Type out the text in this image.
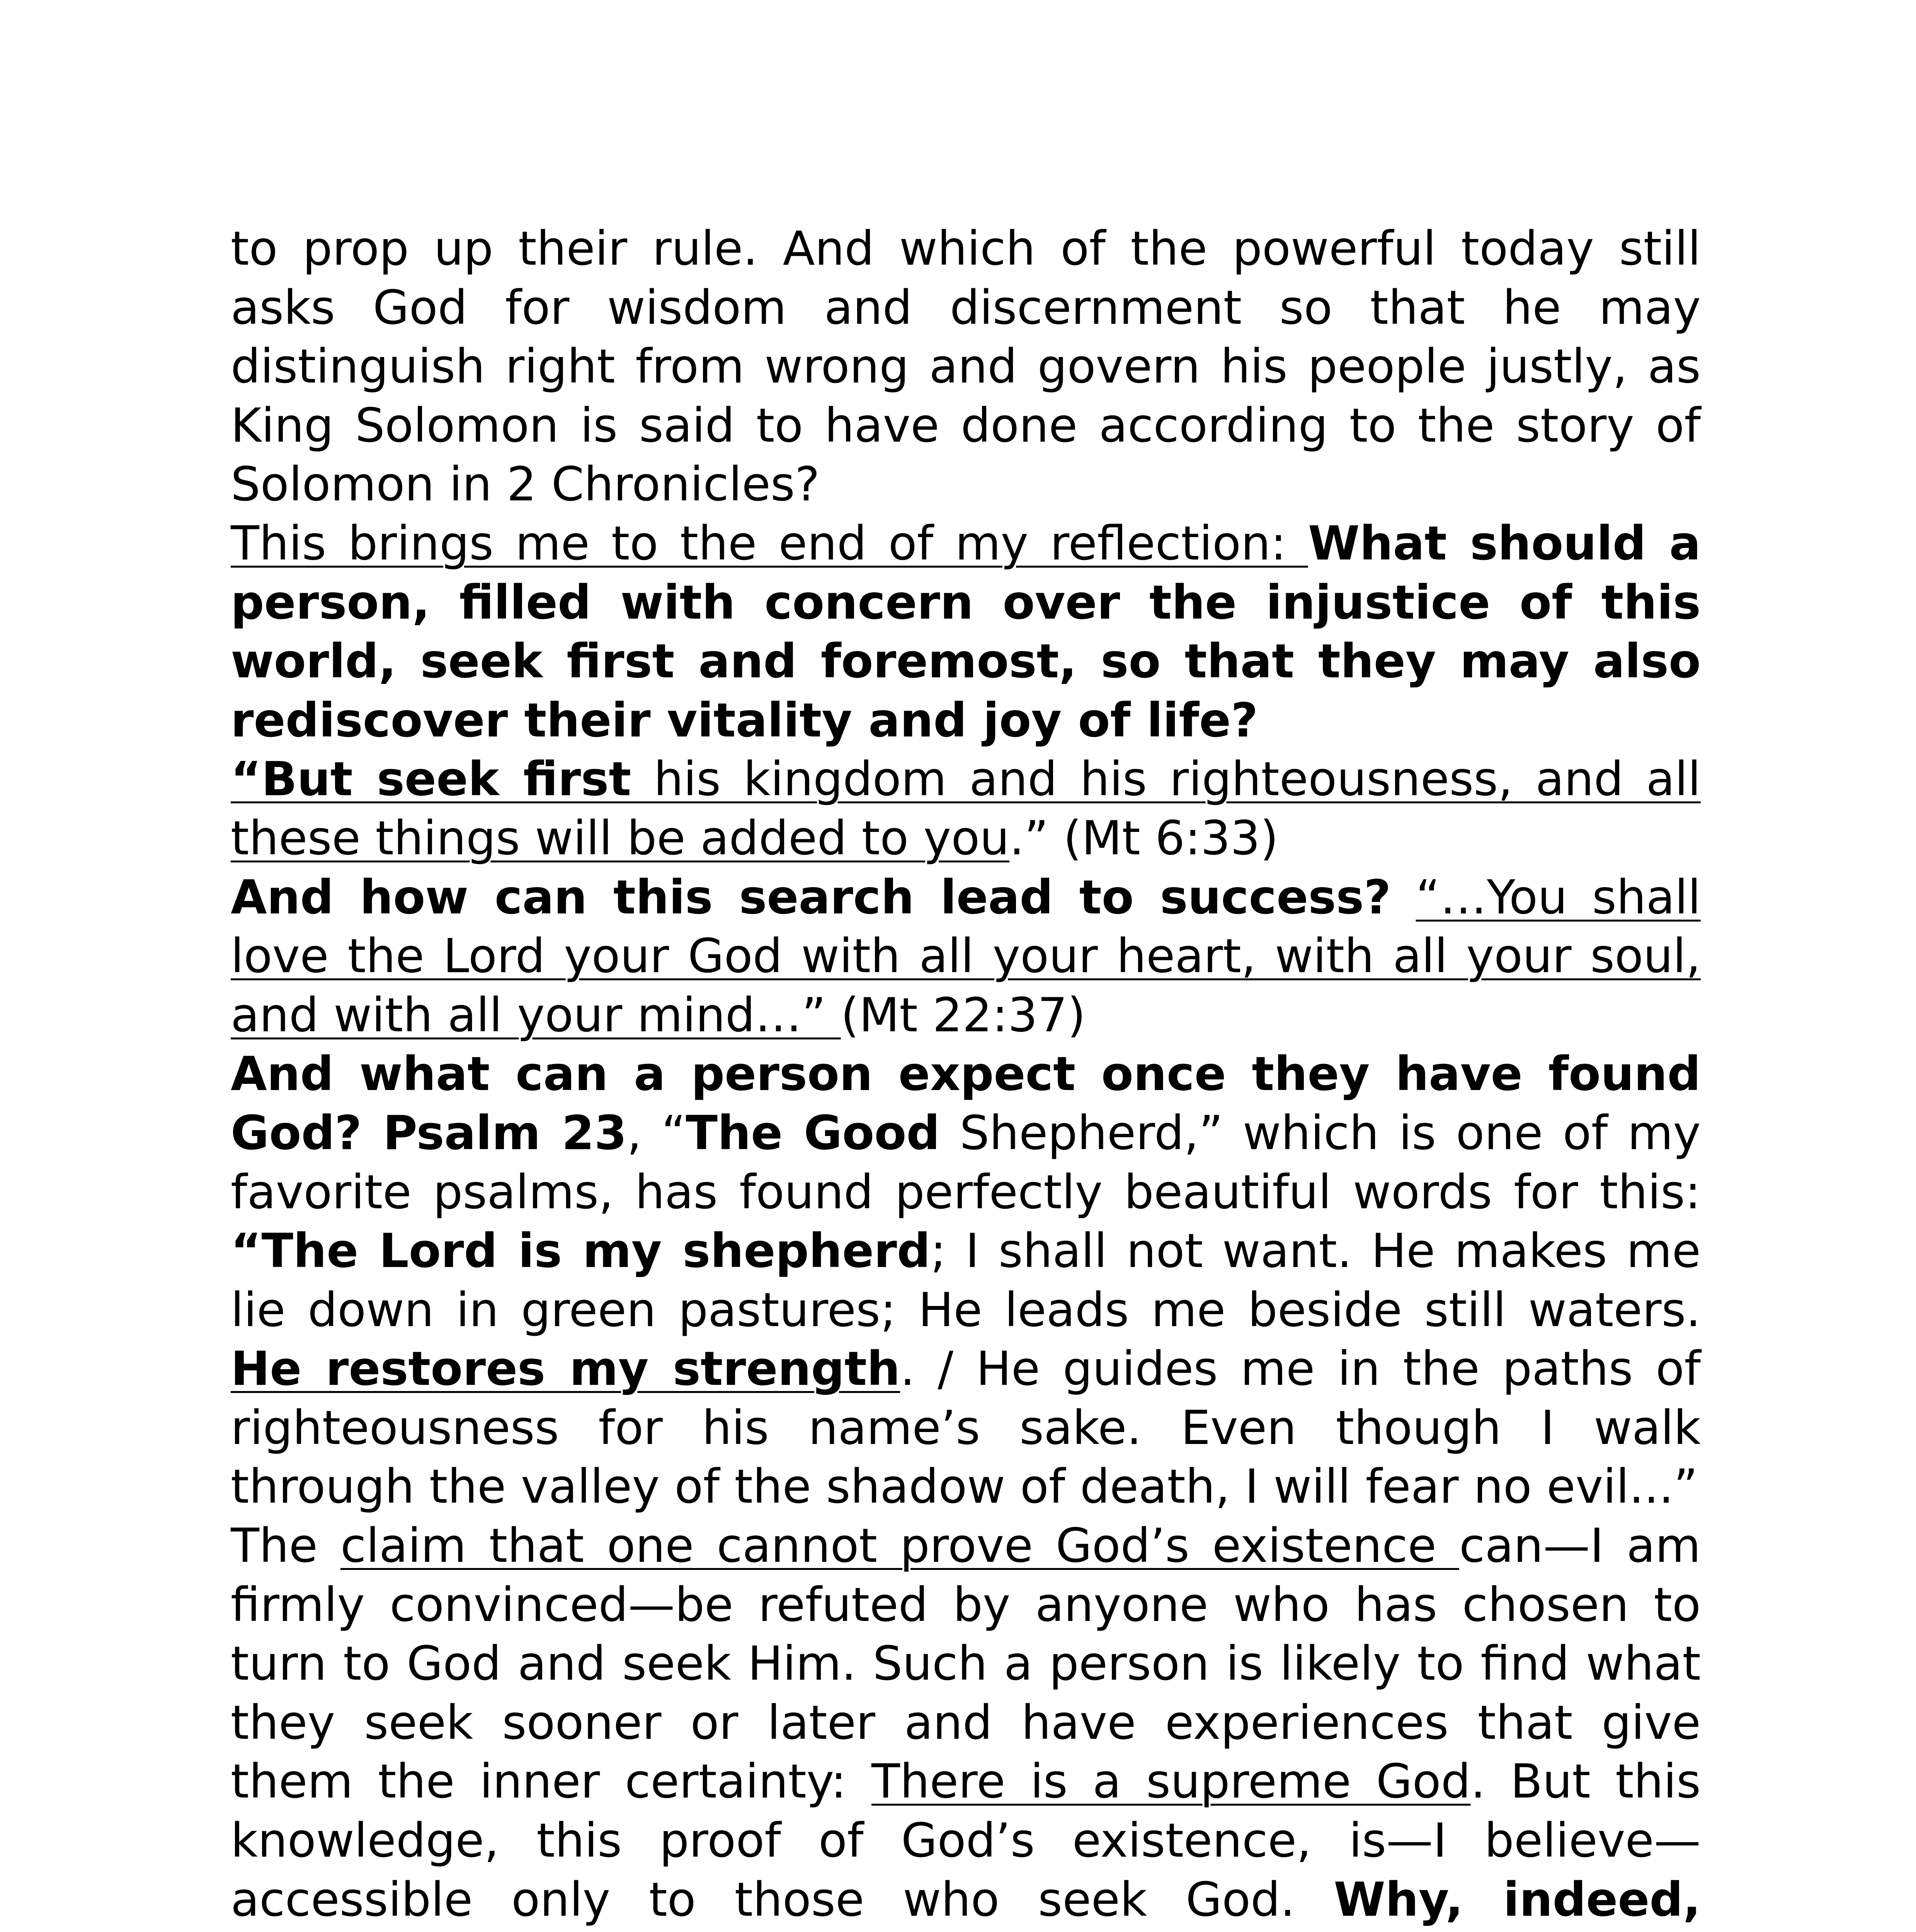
to prop up their rule. And which of the powerful today still asks God for wisdom and discernment so that he may distinguish right from wrong and govern his people justly, as King Solomon is said to have done according to the story of Solomon in 2 Chronicles?

This brings me to the end of my reflection: What should a person, filled with concern over the injustice of this world, seek first and foremost, so that they may also rediscover their vitality and joy of life?

“But seek first his kingdom and his righteousness, and all these things will be added to you.” (Mt 6:33)

And how can this search lead to success? “…You shall love the Lord your God with all your heart, with all your soul, and with all your mind…” (Mt 22:37)

And what can a person expect once they have found God? Psalm 23, “The Good Shepherd,” which is one of my favorite psalms, has found perfectly beautiful words for this: “The Lord is my shepherd; I shall not want. He makes me lie down in green pastures; He leads me beside still waters. He restores my strength. / He guides me in the paths of righteousness for his name’s sake. Even though I walk through the valley of the shadow of death, I will fear no evil...”

The claim that one cannot prove God’s existence can—I am firmly convinced—be refuted by anyone who has chosen to turn to God and seek Him. Such a person is likely to find what they seek sooner or later and have experiences that give them the inner certainty: There is a supreme God. But this knowledge, this proof of God’s existence, is—I believe—accessible only to those who seek God. Why, indeed,
